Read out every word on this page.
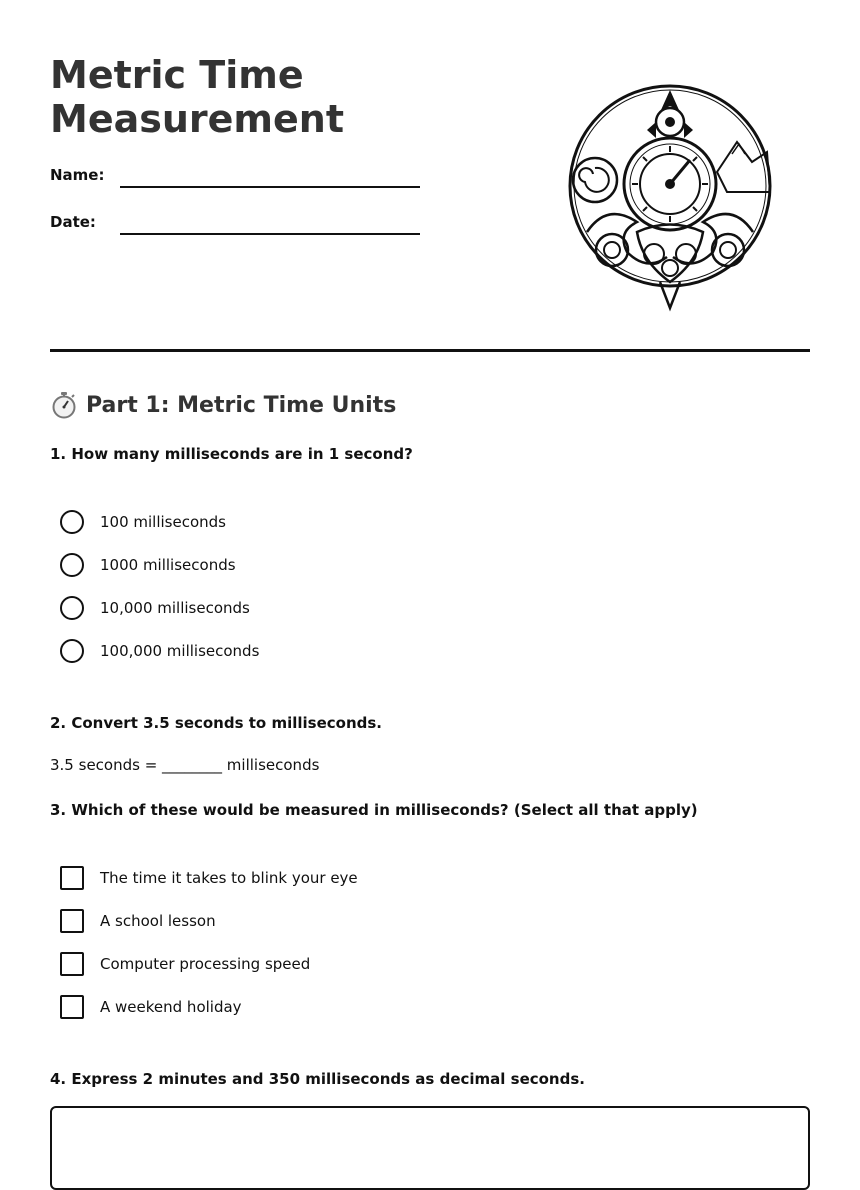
Metric Time
Measurement
Name:
Date:
Part 1: Metric Time Units
1. How many milliseconds are in 1 second?
100 milliseconds
1000 milliseconds
10,000 milliseconds
100,000 milliseconds
2. Convert 3.5 seconds to milliseconds.
3.5 seconds = ________ milliseconds
3. Which of these would be measured in milliseconds? (Select all that apply)
The time it takes to blink your eye
A school lesson
Computer processing speed
A weekend holiday
4. Express 2 minutes and 350 milliseconds as decimal seconds.
